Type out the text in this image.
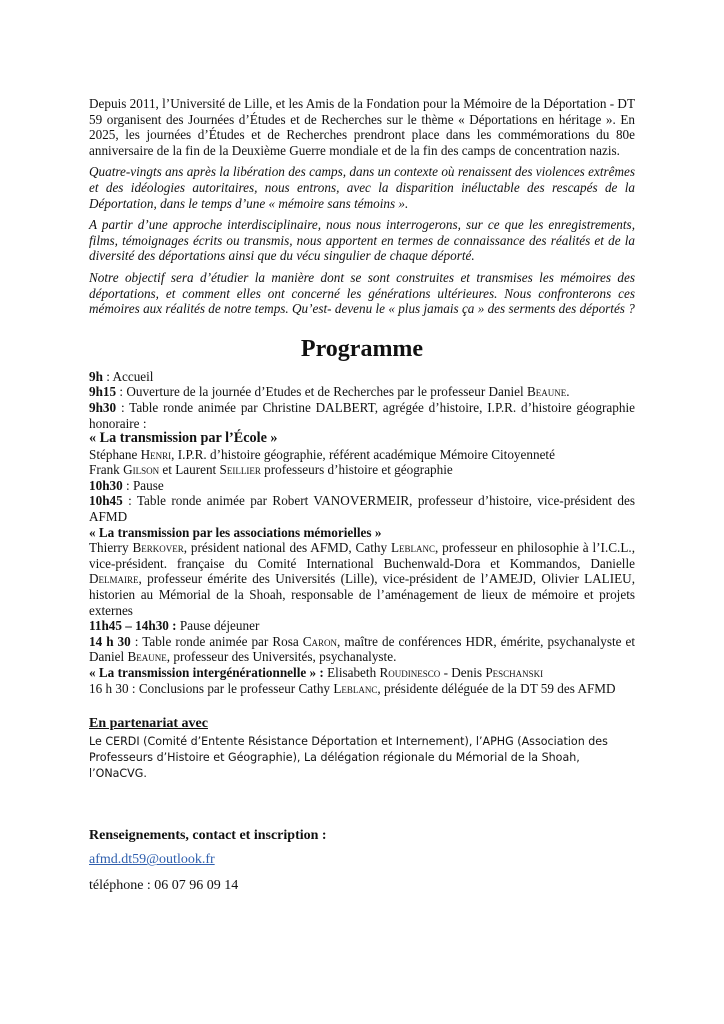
Depuis 2011, l’Université de Lille, et les Amis de la Fondation pour la Mémoire de la Déportation - DT 59 organisent des Journées d’Études et de Recherches sur le thème « Déportations en héritage ». En 2025, les journées d’Études et de Recherches prendront place dans les commémorations du 80e anniversaire de la fin de la Deuxième Guerre mondiale et de la fin des camps de concentration nazis.

Quatre-vingts ans après la libération des camps, dans un contexte où renaissent des violences extrêmes et des idéologies autoritaires, nous entrons, avec la disparition inéluctable des rescapés de la Déportation, dans le temps d’une « mémoire sans témoins ».

A partir d’une approche interdisciplinaire, nous nous interrogerons, sur ce que les enregistrements, films, témoignages écrits ou transmis, nous apportent en termes de connaissance des réalités et de la diversité des déportations ainsi que du vécu singulier de chaque déporté.

Notre objectif sera d’étudier la manière dont se sont construites et transmises les mémoires des déportations, et comment elles ont concerné les générations ultérieures. Nous confronterons ces mémoires aux réalités de notre temps. Qu’est- devenu le « plus jamais ça » des serments des déportés ?

Programme

9h : Accueil

9h15 : Ouverture de la journée d’Etudes et de Recherches par le professeur Daniel Beaune.

9h30 : Table ronde animée par Christine DALBERT, agrégée d’histoire, I.P.R. d’histoire géographie honoraire :

« La transmission par l’École »

Stéphane Henri, I.P.R. d’histoire géographie, référent académique Mémoire Citoyenneté

Frank Gilson et Laurent Seillier professeurs d’histoire et géographie

10h30 : Pause

10h45 : Table ronde animée par Robert VANOVERMEIR, professeur d’histoire, vice-président des AFMD

« La transmission par les associations mémorielles »

Thierry Berkover, président national des AFMD, Cathy Leblanc, professeur en philosophie à l’I.C.L., vice-président. française du Comité International Buchenwald-Dora et Kommandos, Danielle Delmaire, professeur émérite des Universités (Lille), vice-président de l’AMEJD, Olivier LALIEU, historien au Mémorial de la Shoah, responsable de l’aménagement de lieux de mémoire et projets externes

11h45 – 14h30 : Pause déjeuner

14 h 30 : Table ronde animée par Rosa Caron, maître de conférences HDR, émérite, psychanalyste et Daniel Beaune, professeur des Universités, psychanalyste.

« La transmission intergénérationnelle » : Elisabeth Roudinesco - Denis Peschanski

16 h 30 : Conclusions par le professeur Cathy Leblanc, présidente déléguée de la DT 59 des AFMD

En partenariat avec

Le CERDI (Comité d’Entente Résistance Déportation et Internement), l’APHG (Association des Professeurs d’Histoire et Géographie), La délégation régionale du Mémorial de la Shoah, l’ONaCVG.

Renseignements, contact et inscription :

afmd.dt59@outlook.fr
téléphone : 06 07 96 09 14
